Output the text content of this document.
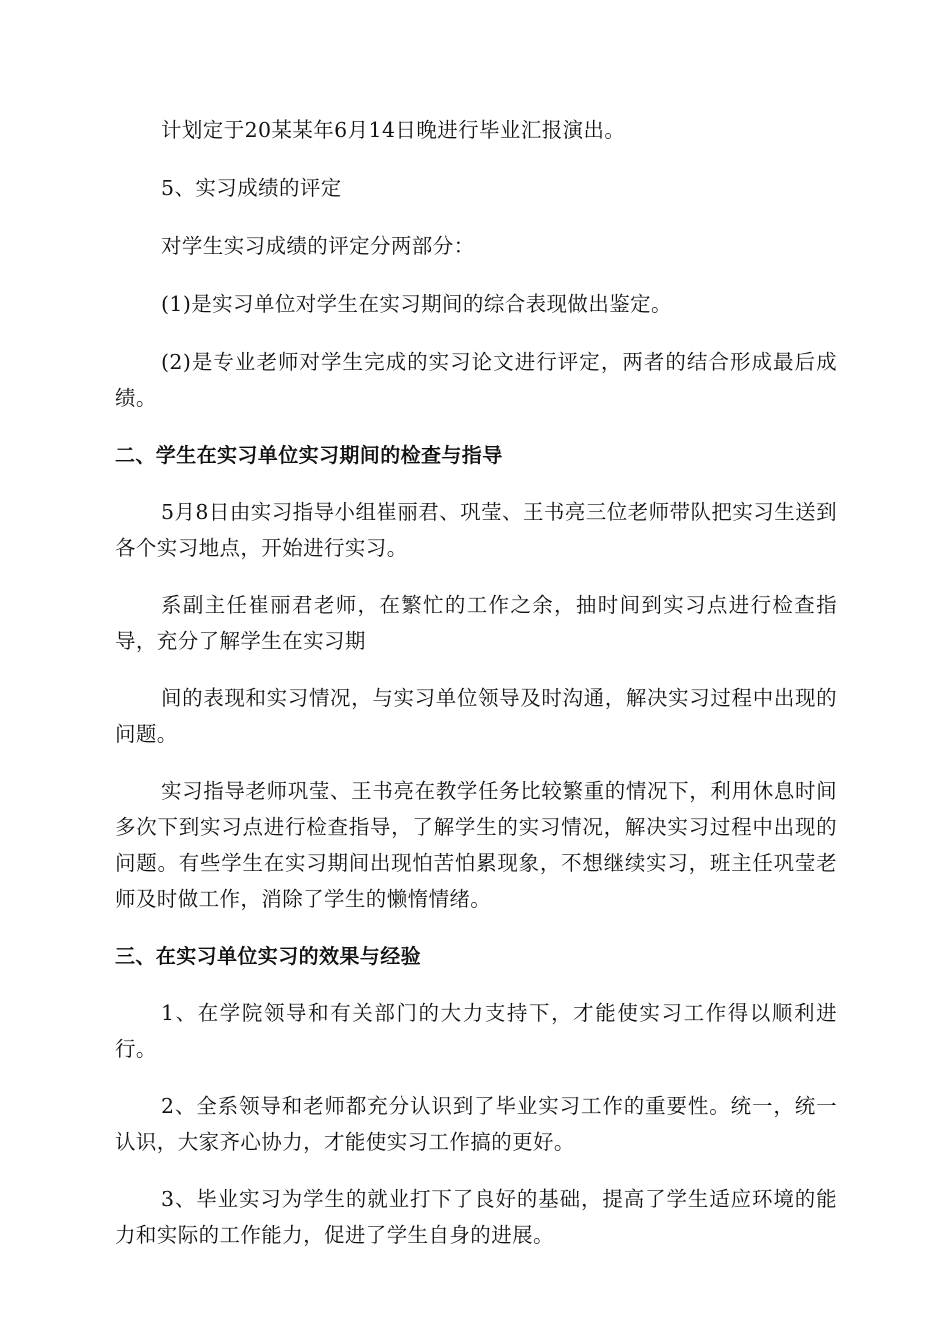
计划定于20某某年6月14日晚进行毕业汇报演出。

5、实习成绩的评定

对学生实习成绩的评定分两部分：

(1)是实习单位对学生在实习期间的综合表现做出鉴定。

(2)是专业老师对学生完成的实习论文进行评定，两者的结合形成最后成绩。

二、学生在实习单位实习期间的检查与指导

5月8日由实习指导小组崔丽君、巩莹、王书亮三位老师带队把实习生送到各个实习地点，开始进行实习。

系副主任崔丽君老师，在繁忙的工作之余，抽时间到实习点进行检查指导，充分了解学生在实习期

间的表现和实习情况，与实习单位领导及时沟通，解决实习过程中出现的问题。

实习指导老师巩莹、王书亮在教学任务比较繁重的情况下，利用休息时间多次下到实习点进行检查指导，了解学生的实习情况，解决实习过程中出现的问题。有些学生在实习期间出现怕苦怕累现象，不想继续实习，班主任巩莹老师及时做工作，消除了学生的懒惰情绪。

三、在实习单位实习的效果与经验

1、在学院领导和有关部门的大力支持下，才能使实习工作得以顺利进行。

2、全系领导和老师都充分认识到了毕业实习工作的重要性。统一，统一认识，大家齐心协力，才能使实习工作搞的更好。

3、毕业实习为学生的就业打下了良好的基础，提高了学生适应环境的能力和实际的工作能力，促进了学生自身的进展。
